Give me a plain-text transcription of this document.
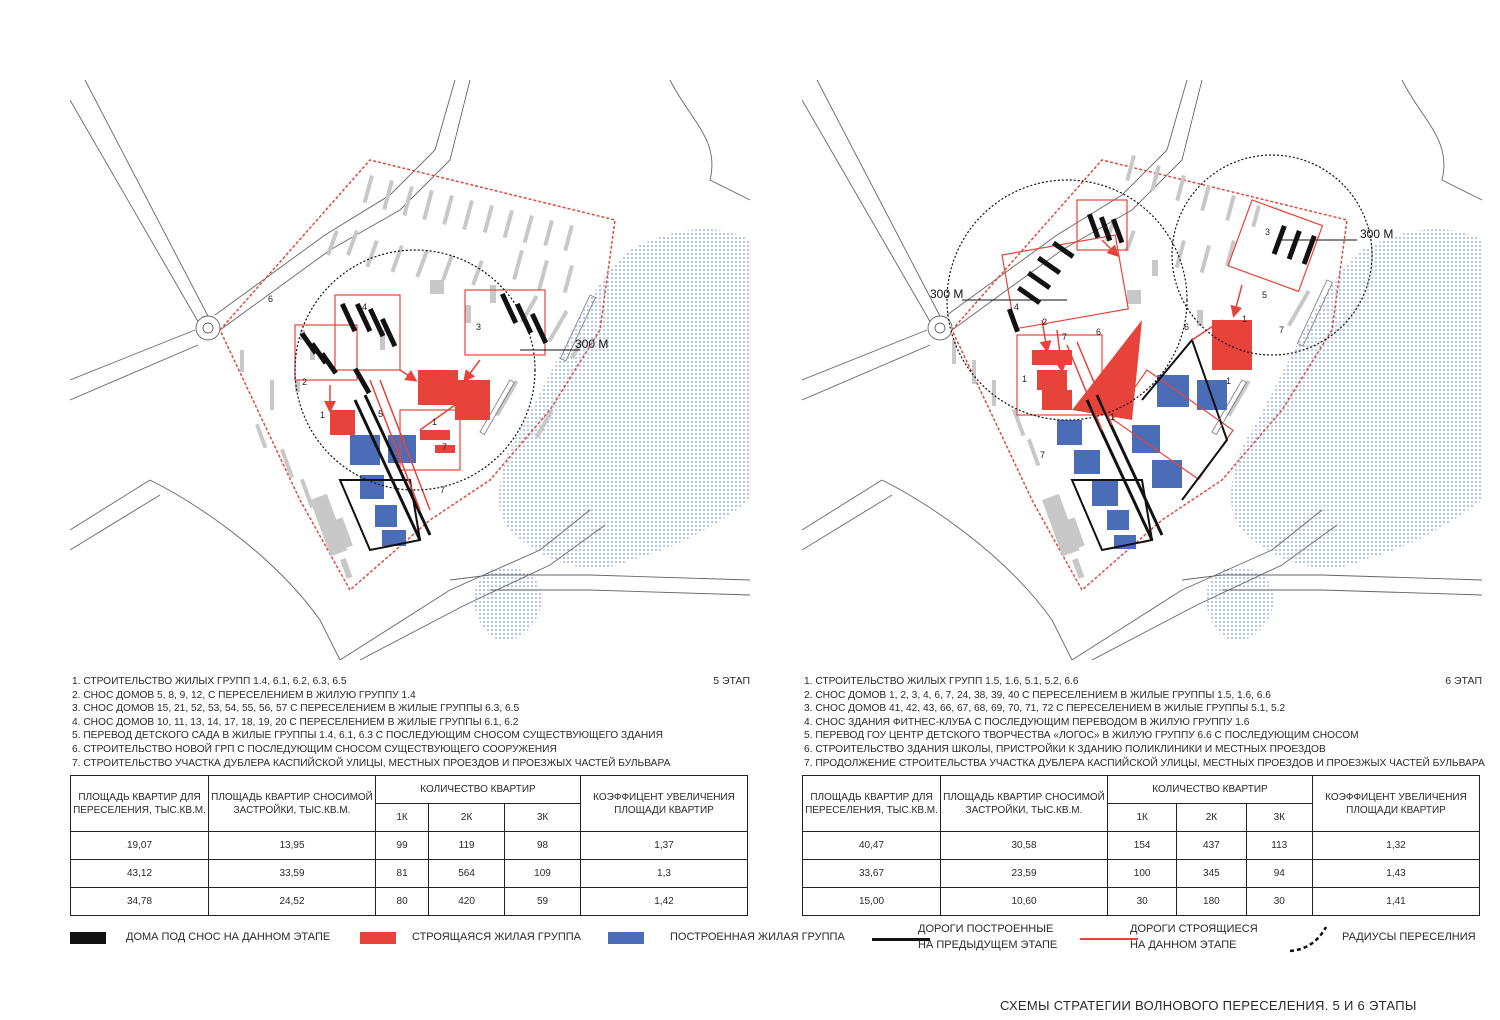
300 М
1
2
3
4
5
6
7
1
7
300 М
300 М
1
2
3
4
5
6
7
1
1
6	7
7
1
5 ЭТАП
1. СТРОИТЕЛЬСТВО ЖИЛЫХ ГРУПП 1.4, 6.1, 6.2, 6.3, 6.5
2. СНОС ДОМОВ 5, 8, 9, 12, С ПЕРЕСЕЛЕНИЕМ В ЖИЛУЮ ГРУППУ 1.4
3. СНОС ДОМОВ 15, 21, 52, 53, 54, 55, 56, 57 С ПЕРЕСЕЛЕНИЕМ В ЖИЛЫЕ ГРУППЫ 6.3, 6.5
4. СНОС ДОМОВ 10, 11, 13, 14, 17, 18, 19, 20 С ПЕРЕСЕЛЕНИЕМ В ЖИЛЫЕ ГРУППЫ 6.1, 6.2
5. ПЕРЕВОД ДЕТСКОГО САДА В ЖИЛЫЕ ГРУППЫ 1.4, 6.1, 6.3 С ПОСЛЕДУЮЩИМ СНОСОМ СУЩЕСТВУЮЩЕГО ЗДАНИЯ
6. СТРОИТЕЛЬСТВО НОВОЙ ГРП С ПОСЛЕДУЮЩИМ СНОСОМ СУЩЕСТВУЮЩЕГО СООРУЖЕНИЯ
7. СТРОИТЕЛЬСТВО УЧАСТКА ДУБЛЕРА КАСПИЙСКОЙ УЛИЦЫ, МЕСТНЫХ ПРОЕЗДОВ И ПРОЕЗЖЫХ ЧАСТЕЙ БУЛЬВАРА
6 ЭТАП
1. СТРОИТЕЛЬСТВО ЖИЛЫХ ГРУПП 1.5, 1.6, 5.1, 5.2, 6.6
2. СНОС ДОМОВ 1, 2, 3, 4, 6, 7, 24, 38, 39, 40 С ПЕРЕСЕЛЕНИЕМ В ЖИЛЫЕ ГРУППЫ 1.5, 1.6, 6.6
3. СНОС ДОМОВ 41, 42, 43, 66, 67, 68, 69, 70, 71, 72 С ПЕРЕСЕЛЕНИЕМ В ЖИЛЫЕ ГРУППЫ 5.1, 5.2
4. СНОС ЗДАНИЯ ФИТНЕС-КЛУБА С ПОСЛЕДУЮЩИМ ПЕРЕВОДОМ В ЖИЛУЮ ГРУППУ 1.6
5. ПЕРЕВОД ГОУ ЦЕНТР ДЕТСКОГО ТВОРЧЕСТВА «ЛОГОС» В ЖИЛУЮ ГРУППУ 6.6 С ПОСЛЕДУЮЩИМ СНОСОМ
6. СТРОИТЕЛЬСТВО ЗДАНИЯ ШКОЛЫ, ПРИСТРОЙКИ К ЗДАНИЮ ПОЛИКЛИНИКИ И МЕСТНЫХ ПРОЕЗДОВ
7. ПРОДОЛЖЕНИЕ СТРОИТЕЛЬСТВА УЧАСТКА ДУБЛЕРА КАСПИЙСКОЙ УЛИЦЫ, МЕСТНЫХ ПРОЕЗДОВ И ПРОЕЗЖЫХ ЧАСТЕЙ БУЛЬВАРА
ПЛОЩАДЬ КВАРТИР ДЛЯ ПЕРЕСЕЛЕНИЯ, ТЫС.КВ.М.	ПЛОЩАДЬ КВАРТИР СНОСИМОЙ ЗАСТРОЙКИ, ТЫС.КВ.М.	КОЛИЧЕСТВО КВАРТИР			КОЭФФИЦЕНТ УВЕЛИЧЕНИЯ ПЛОЩАДИ КВАРТИР
		1К	2К	3К	
19,07	13,95	99	119	98	1,37
43,12	33,59	81	564	109	1,3
34,78	24,52	80	420	59	1,42
ПЛОЩАДЬ КВАРТИР ДЛЯ ПЕРЕСЕЛЕНИЯ, ТЫС.КВ.М.	ПЛОЩАДЬ КВАРТИР СНОСИМОЙ ЗАСТРОЙКИ, ТЫС.КВ.М.	КОЛИЧЕСТВО КВАРТИР			КОЭФФИЦЕНТ УВЕЛИЧЕНИЯ ПЛОЩАДИ КВАРТИР
		1К	2К	3К	
40,47	30,58	154	437	113	1,32
33,67	23,59	100	345	94	1,43
15,00	10,60	30	180	30	1,41
ДОМА ПОД СНОС НА ДАННОМ ЭТАПЕ	СТРОЯЩАЯСЯ ЖИЛАЯ ГРУППА	ПОСТРОЕННАЯ ЖИЛАЯ ГРУППА
ДОРОГИ ПОСТРОЕННЫЕ
НА ПРЕДЫДУЩЕМ ЭТАПЕ
ДОРОГИ СТРОЯЩИЕСЯ
НА ДАННОМ ЭТАПЕ
РАДИУСЫ ПЕРЕСЕЛНИЯ
СХЕМЫ СТРАТЕГИИ ВОЛНОВОГО ПЕРЕСЕЛЕНИЯ. 5 И 6 ЭТАПЫ
